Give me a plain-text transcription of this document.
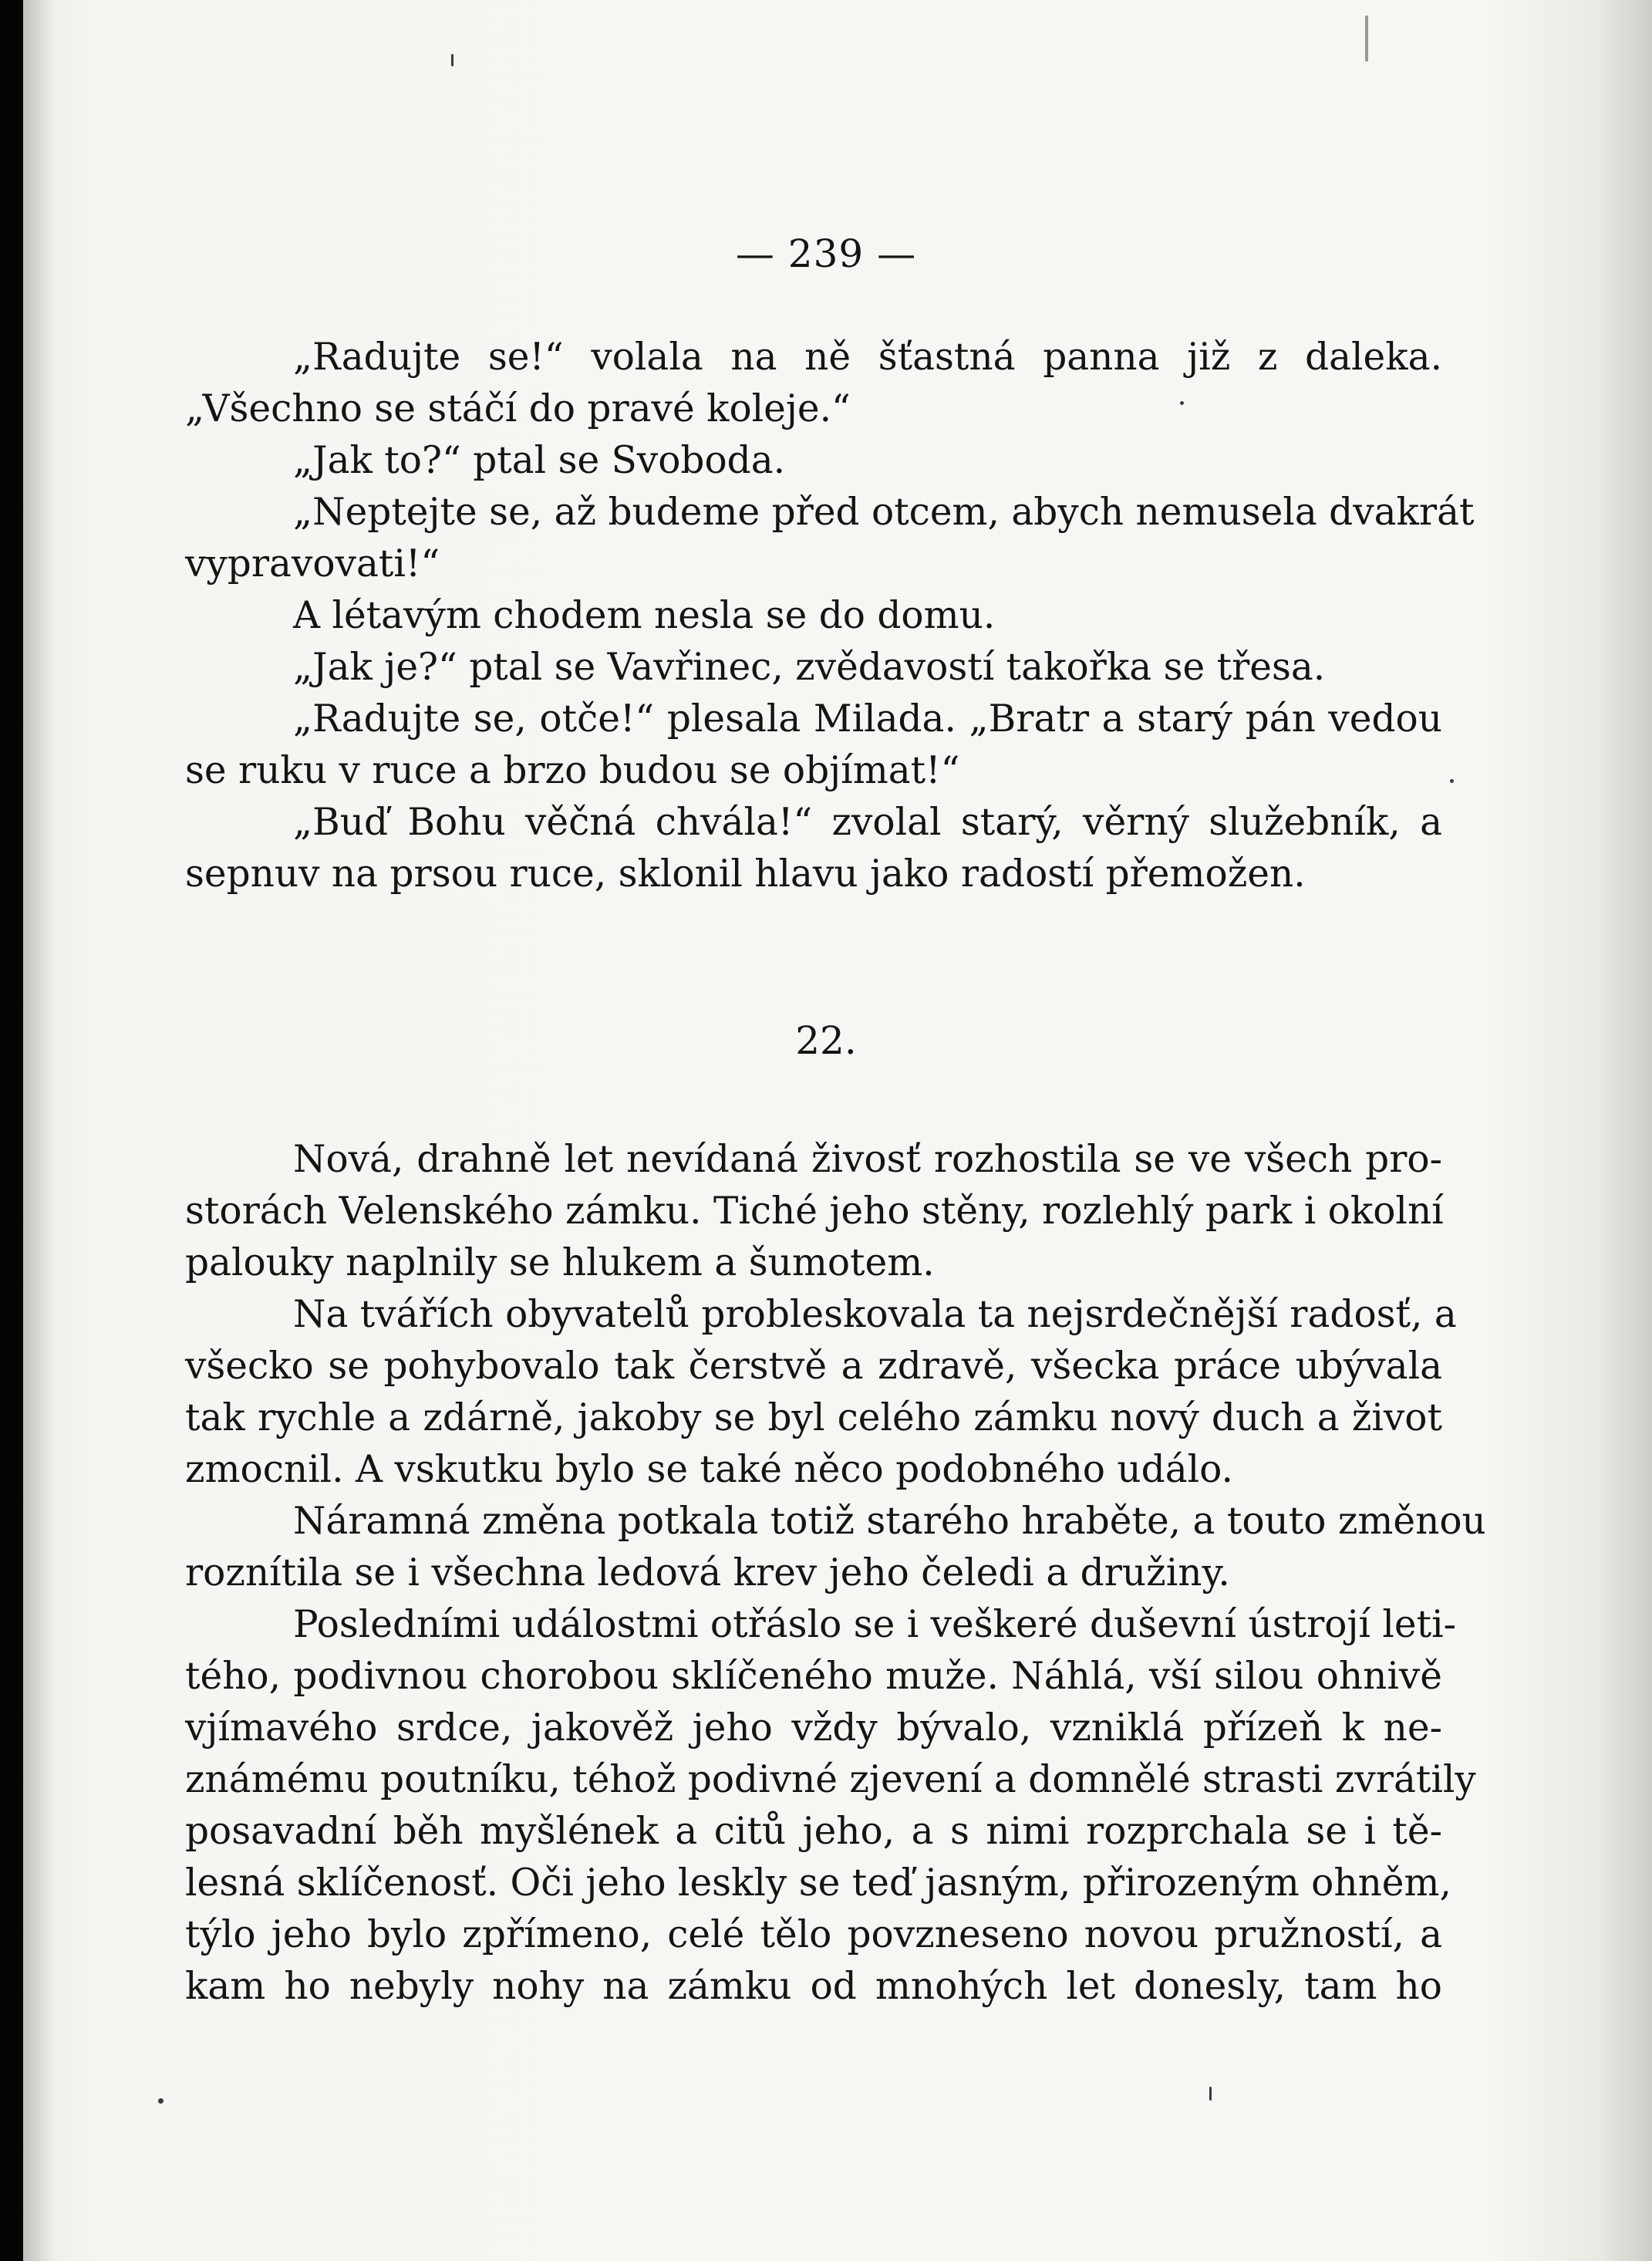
— 239 —
„Radujte se!“ volala na ně šťastná panna již z daleka.
„Všechno se stáčí do pravé koleje.“
„Jak to?“ ptal se Svoboda.
„Neptejte se, až budeme před otcem, abych nemusela dvakrát
vypravovati!“
A létavým chodem nesla se do domu.
„Jak je?“ ptal se Vavřinec, zvědavostí takořka se třesa.
„Radujte se, otče!“ plesala Milada. „Bratr a starý pán vedou
se ruku v ruce a brzo budou se objímat!“
„Buď Bohu věčná chvála!“ zvolal starý, věrný služebník, a
sepnuv na prsou ruce, sklonil hlavu jako radostí přemožen.
22.
Nová, drahně let nevídaná živosť rozhostila se ve všech pro-
storách Velenského zámku. Tiché jeho stěny, rozlehlý park i okolní
palouky naplnily se hlukem a šumotem.
Na tvářích obyvatelů probleskovala ta nejsrdečnější radosť, a
všecko se pohybovalo tak čerstvě a zdravě, všecka práce ubývala
tak rychle a zdárně, jakoby se byl celého zámku nový duch a život
zmocnil. A vskutku bylo se také něco podobného událo.
Náramná změna potkala totiž starého hraběte, a touto změnou
roznítila se i všechna ledová krev jeho čeledi a družiny.
Posledními událostmi otřáslo se i veškeré duševní ústrojí leti-
tého, podivnou chorobou sklíčeného muže. Náhlá, vší silou ohnivě
vjímavého srdce, jakověž jeho vždy bývalo, vzniklá přízeň k ne-
známému poutníku, téhož podivné zjevení a domnělé strasti zvrátily
posavadní běh myšlének a citů jeho, a s nimi rozprchala se i tě-
lesná sklíčenosť. Oči jeho leskly se teď jasným, přirozeným ohněm,
týlo jeho bylo zpřímeno, celé tělo povzneseno novou pružností, a
kam ho nebyly nohy na zámku od mnohých let donesly, tam ho
